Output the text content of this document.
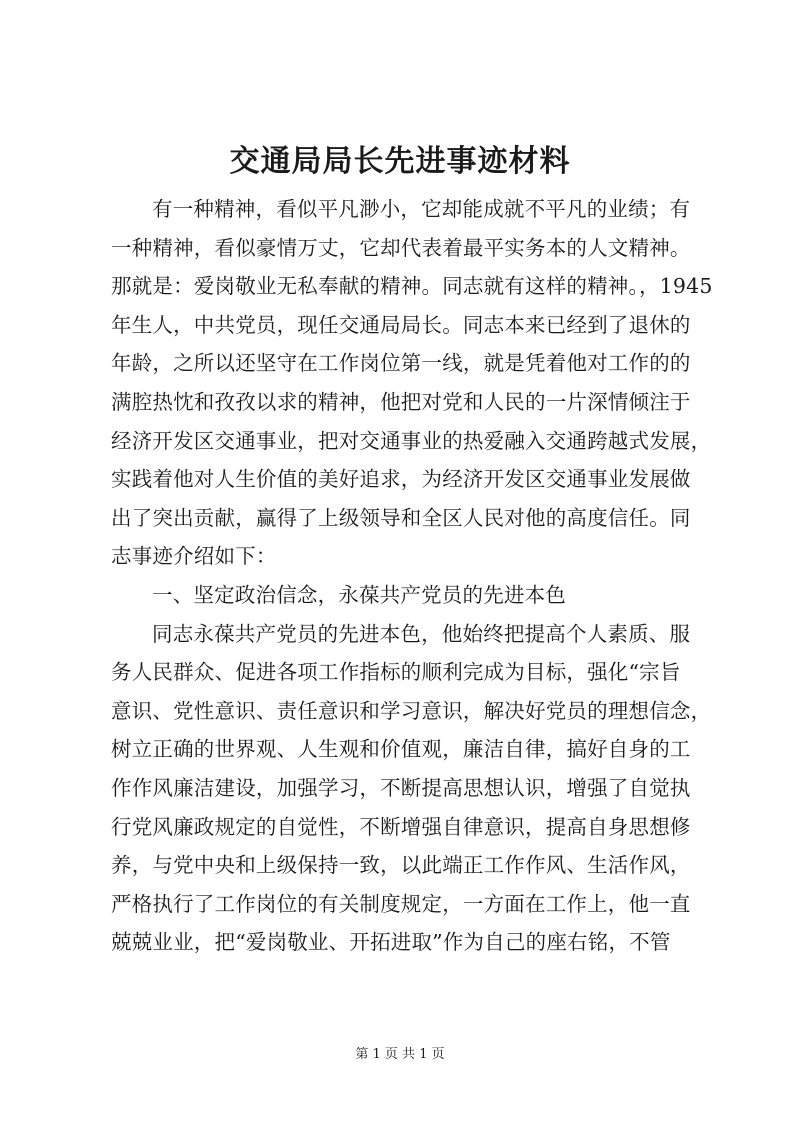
交通局局长先进事迹材料
有一种精神，看似平凡渺小，它却能成就不平凡的业绩；有
一种精神，看似豪情万丈，它却代表着最平实务本的人文精神。
那就是：爱岗敬业无私奉献的精神。同志就有这样的精神。，1945
年生人，中共党员，现任交通局局长。同志本来已经到了退休的
年龄，之所以还坚守在工作岗位第一线，就是凭着他对工作的的
满腔热忱和孜孜以求的精神，他把对党和人民的一片深情倾注于
经济开发区交通事业，把对交通事业的热爱融入交通跨越式发展，
实践着他对人生价值的美好追求，为经济开发区交通事业发展做
出了突出贡献，赢得了上级领导和全区人民对他的高度信任。同
志事迹介绍如下：
一、坚定政治信念，永葆共产党员的先进本色
同志永葆共产党员的先进本色，他始终把提高个人素质、服
务人民群众、促进各项工作指标的顺利完成为目标，强化“宗旨
意识、党性意识、责任意识和学习意识，解决好党员的理想信念，
树立正确的世界观、人生观和价值观，廉洁自律，搞好自身的工
作作风廉洁建设，加强学习，不断提高思想认识，增强了自觉执
行党风廉政规定的自觉性，不断增强自律意识，提高自身思想修
养，与党中央和上级保持一致，以此端正工作作风、生活作风，
严格执行了工作岗位的有关制度规定，一方面在工作上，他一直
兢兢业业，把“爱岗敬业、开拓进取”作为自己的座右铭，不管
第 1 页 共 1 页
